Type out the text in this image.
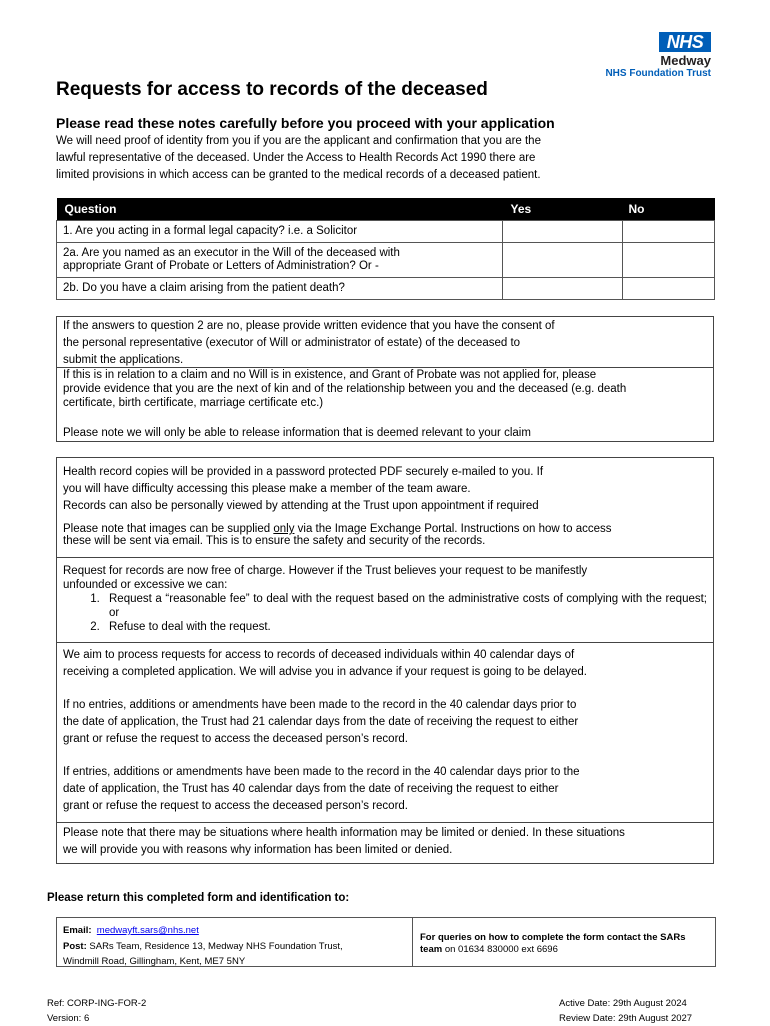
NHS
Medway
NHS Foundation Trust
Requests for access to records of the deceased
Please read these notes carefully before you proceed with your application
We will need proof of identity from you if you are the applicant and confirmation that you are the
lawful representative of the deceased. Under the Access to Health Records Act 1990 there are
limited provisions in which access can be granted to the medical records of a deceased patient.
Question	Yes	No
1. Are you acting in a formal legal capacity? i.e. a Solicitor		

2a. Are you named as an executor in the Will of the deceased with
appropriate Grant of Probate or Letters of Administration? Or -		

2b. Do you have a claim arising from the patient death?		
If the answers to question 2 are no, please provide written evidence that you have the consent of
the personal representative (executor of Will or administrator of estate) of the deceased to
submit the applications.
If this is in relation to a claim and no Will is in existence, and Grant of Probate was not applied for, please
provide evidence that you are the next of kin and of the relationship between you and the deceased (e.g. death
certificate, birth certificate, marriage certificate etc.)
Please note we will only be able to release information that is deemed relevant to your claim
Health record copies will be provided in a password protected PDF securely e-mailed to you. If
you will have difficulty accessing this please make a member of the team aware.
Records can also be personally viewed by attending at the Trust upon appointment if required
Please note that images can be supplied only via the Image Exchange Portal. Instructions on how to access
these will be sent via email. This is to ensure the safety and security of the records.
Request for records are now free of charge. However if the Trust believes your request to be manifestly
unfounded or excessive we can:
1. Request a “reasonable fee” to deal with the request based on the administrative costs of complying with the request; or
2. Refuse to deal with the request.
We aim to process requests for access to records of deceased individuals within 40 calendar days of
receiving a completed application. We will advise you in advance if your request is going to be delayed.
If no entries, additions or amendments have been made to the record in the 40 calendar days prior to
the date of application, the Trust had 21 calendar days from the date of receiving the request to either
grant or refuse the request to access the deceased person’s record.
If entries, additions or amendments have been made to the record in the 40 calendar days prior to the
date of application, the Trust has 40 calendar days from the date of receiving the request to either
grant or refuse the request to access the deceased person’s record.
Please note that there may be situations where health information may be limited or denied. In these situations
we will provide you with reasons why information has been limited or denied.
Please return this completed form and identification to:
Email: medwayft.sars@nhs.net
Post: SARs Team, Residence 13, Medway NHS Foundation Trust,
Windmill Road, Gillingham, Kent, ME7 5NY
For queries on how to complete the form contact the SARs
team on 01634 830000 ext 6696
Ref: CORP-ING-FOR-2
Version: 6
Active Date: 29th August 2024
Review Date: 29th August 2027
